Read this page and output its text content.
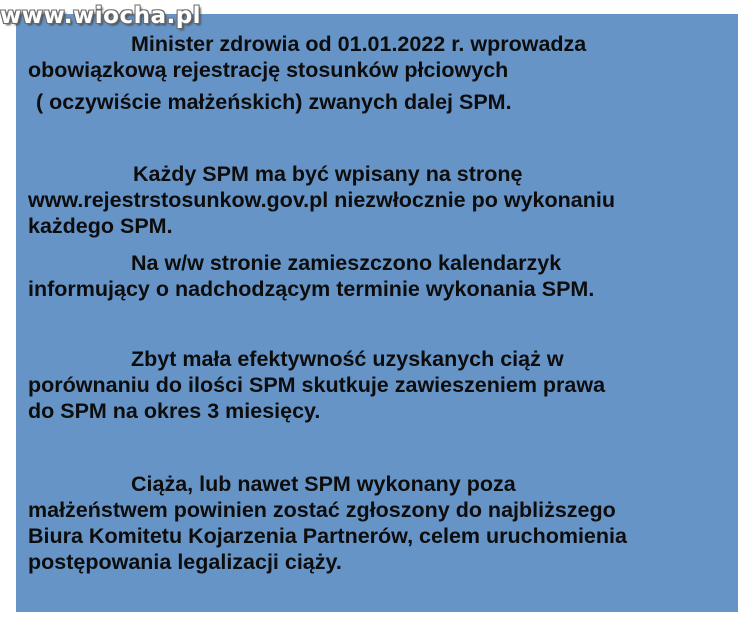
www.wiocha.pl
Minister zdrowia od 01.01.2022 r. wprowadza
obowiązkową rejestrację stosunków płciowych
( oczywiście małżeńskich) zwanych dalej SPM.
Każdy SPM ma być wpisany na stronę
www.rejestrstosunkow.gov.pl niezwłocznie po wykonaniu
każdego SPM.
Na w/w stronie zamieszczono kalendarzyk
informujący o nadchodzącym terminie wykonania SPM.
Zbyt mała efektywność uzyskanych ciąż w
porównaniu do ilości SPM skutkuje zawieszeniem prawa
do SPM na okres 3 miesięcy.
Ciąża, lub nawet SPM wykonany poza
małżeństwem powinien zostać zgłoszony do najbliższego
Biura Komitetu Kojarzenia Partnerów, celem uruchomienia
postępowania legalizacji ciąży.
